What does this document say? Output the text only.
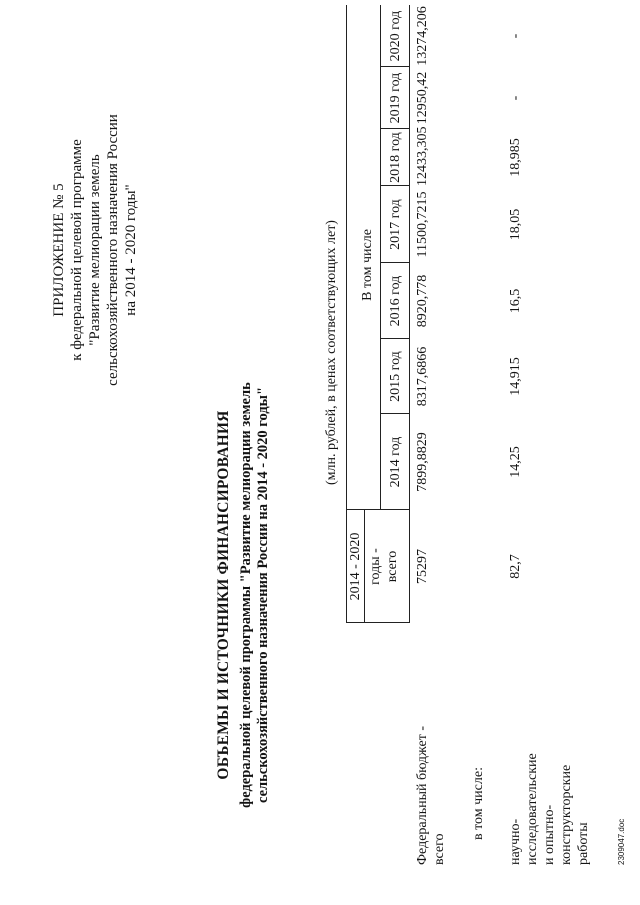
ПРИЛОЖЕНИЕ № 5 к федеральной целевой программе "Развитие мелиорации земель сельскохозяйственного назначения России на 2014 - 2020 годы"
ОБЪЕМЫ И ИСТОЧНИКИ ФИНАНСИРОВАНИЯ федеральной целевой программы "Развитие мелиорации земель сельскохозяйственного назначения России на 2014 - 2020 годы"
(млн. рублей, в ценах соответствующих лет)
2014 - 2020 годы - всего
В том числе
2014 год
2015 год
2016 год
2017 год
2018 год
2019 год
2020 год
Федеральный бюджет - всего
75297
7899,8829
8317,6866
8920,778
11500,7215
12433,305
12950,42
13274,206
в том числе:
научно- исследовательские и опытно- конструкторские работы
82,7
14,25
14,915
16,5
18,05
18,985
-
-
2309047.doc
